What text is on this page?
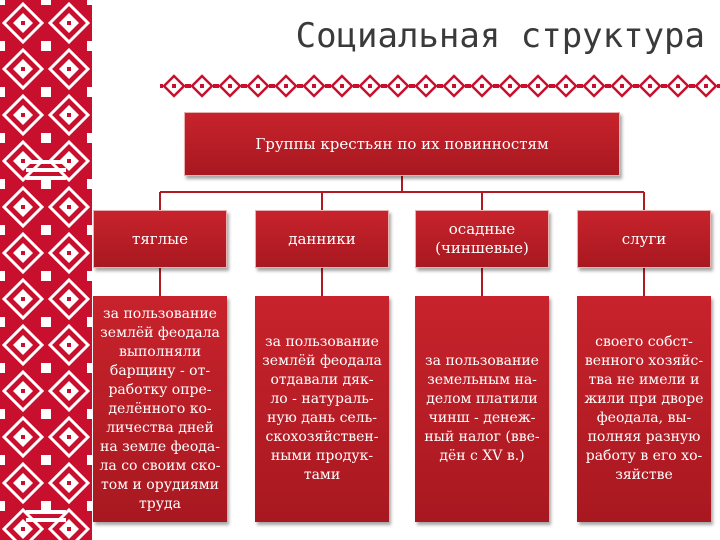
Социальная структура
Группы крестьян по их повинностям
тяглые	данники
осадные
(чиншевые)
слуги
за пользование
землёй феодала
выполняли
барщину - от-
работку опре-
делённого ко-
личества дней
на земле феода-
ла со своим ско-
том и орудиями
труда
за пользование
землёй феодала
отдавали дяк-
ло - натураль-
ную дань сель-
скохозяйствен-
ными продук-
тами
за пользование
земельным на-
делом платили
чинш - денеж-
ный налог (вве-
дён с XV в.)
своего собст-
венного хозяйс-
тва не имели и
жили при дворе
феодала, вы-
полняя разную
работу в его хо-
зяйстве
